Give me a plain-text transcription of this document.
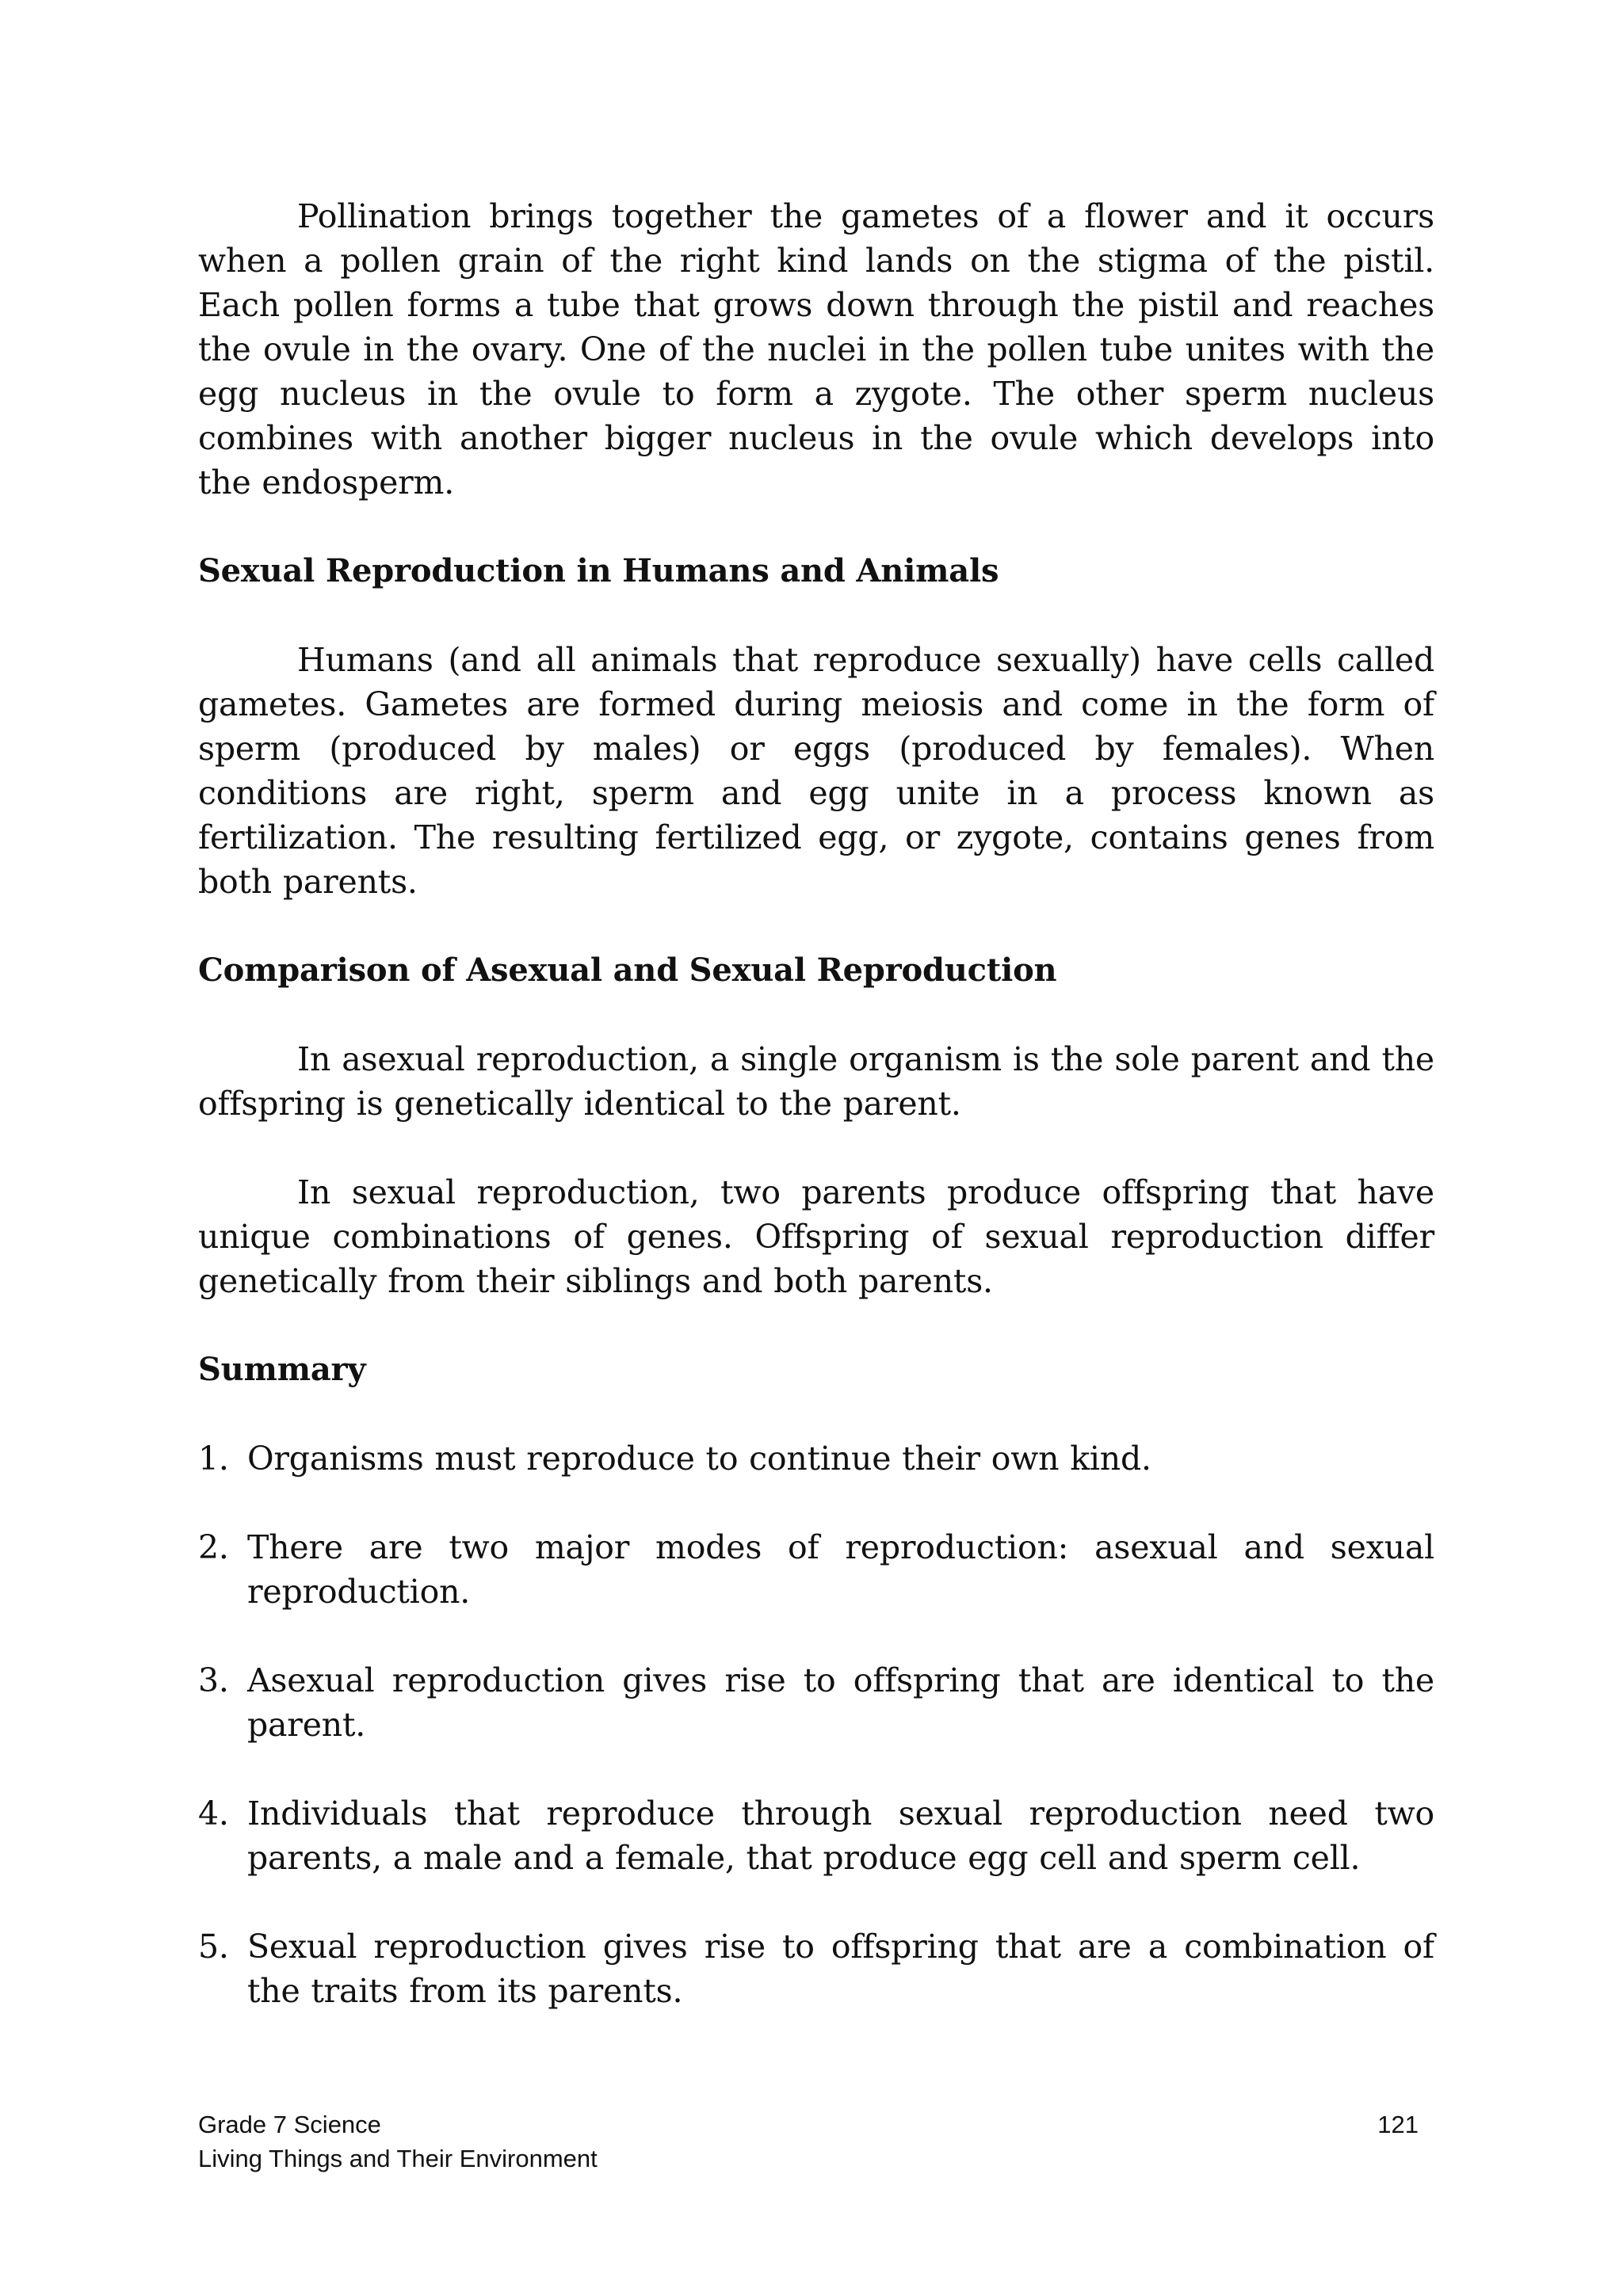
Pollination brings together the gametes of a flower and it occurs when a pollen grain of the right kind lands on the stigma of the pistil. Each pollen forms a tube that grows down through the pistil and reaches the ovule in the ovary. One of the nuclei in the pollen tube unites with the egg nucleus in the ovule to form a zygote. The other sperm nucleus combines with another bigger nucleus in the ovule which develops into the endosperm.

Sexual Reproduction in Humans and Animals

Humans (and all animals that reproduce sexually) have cells called gametes. Gametes are formed during meiosis and come in the form of sperm (produced by males) or eggs (produced by females). When conditions are right, sperm and egg unite in a process known as fertilization. The resulting fertilized egg, or zygote, contains genes from both parents.

Comparison of Asexual and Sexual Reproduction

In asexual reproduction, a single organism is the sole parent and the offspring is genetically identical to the parent.

In sexual reproduction, two parents produce offspring that have unique combinations of genes. Offspring of sexual reproduction differ genetically from their siblings and both parents.

Summary
1. Organisms must reproduce to continue their own kind.
2. There are two major modes of reproduction: asexual and sexual reproduction.
3. Asexual reproduction gives rise to offspring that are identical to the parent.
4. Individuals that reproduce through sexual reproduction need two parents, a male and a female, that produce egg cell and sperm cell.
5. Sexual reproduction gives rise to offspring that are a combination of the traits from its parents.
Grade 7 Science
Living Things and Their Environment
121
